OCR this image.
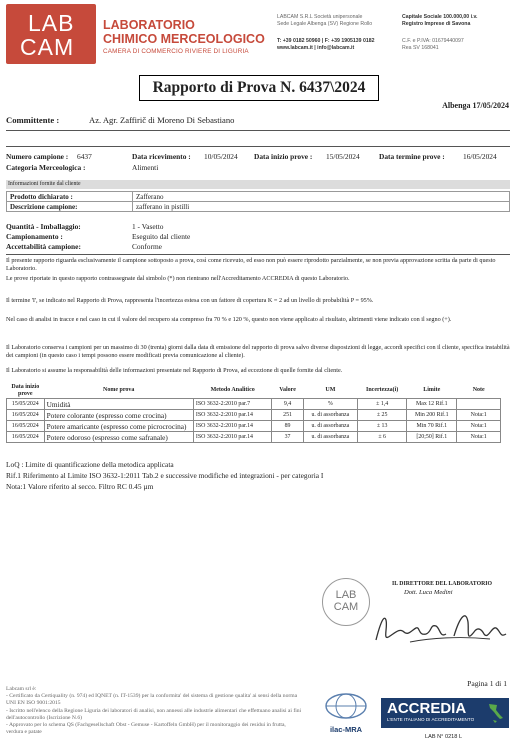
LAB
CAM
LABORATORIO
CHIMICO MERCEOLOGICO
CAMERA DI COMMERCIO RIVIERE DI LIGURIA
LABCAM S.R.L Società unipersonale
Sede Legale Albenga (SV) Regione Rollo
T: +39 0182 50960 | F: +39 1905139 0182
www.labcam.it | info@labcam.it
Capitale Sociale 100.000,00 i.v.
Registro Imprese di Savona
C.F. e P.IVA: 01679440097
Rea SV 168041
Rapporto di Prova N. 6437\2024
Albenga 17/05/2024
Committente :	Az. Agr. Zaffirič di Moreno Di Sebastiano
Numero campione : 6437	Data ricevimento : 10/05/2024 Data inizio prove : 15/05/2024	Data termine prove : 16/05/2024
Categoria Merceologica :	Alimenti
Informazioni fornite dal cliente
Prodotto dichiarato :	Zafferano
Descrizione campione:	zafferano in pistilli
Quantità - Imballaggio:	1 - Vasetto
Campionamento :	Eseguito dal cliente
Accettabilità campione:	Conforme
Il presente rapporto riguarda esclusivamente il campione sottoposto a prova, così come ricevuto, ed esso non può essere riprodotto parzialmente, se non previa approvazione scritta da parte di questo Laboratorio.
Le prove riportate in questo rapporto contrassegnate dal simbolo (*) non rientrano nell'Accreditamento ACCREDIA di questo Laboratorio.
Il termine 'I', se indicato nel Rapporto di Prova, rappresenta l'incertezza estesa con un fattore di copertura K = 2 ad un livello di probabilità P = 95%.
Nel caso di analisi in tracce e nel caso in cui il valore del recupero sia compreso fra 70 % e 120 %, questo non viene applicato al risultato, altrimenti viene indicato con il segno (+).
Il Laboratorio conserva i campioni per un massimo di 30 (trenta) giorni dalla data di emissione del rapporto di prova salvo diverse disposizioni di legge, accordi specifici con il cliente, specifica instabilità dei campioni (in questo caso i tempi possono essere modificati previa comunicazione al cliente).
Il Laboratorio si assume la responsabilità delle informazioni presentate nel Rapporto di Prova, ad eccezione di quelle fornite dal cliente.
Data inizio prove	Nome prova	Metodo Analitico	Valore	UM	Incertezza(i)	Limite	Note
15/05/2024	Umidità	ISO 3632-2:2010 par.7	9,4	%	± 1,4	Max 12 Rif.1	
16/05/2024	Potere colorante (espresso come crocina)	ISO 3632-2:2010 par.14	251	u. di assorbanza	± 25	Min 200 Rif.1	Nota:1
16/05/2024	Potere amaricante (espresso come picrocrocina)	ISO 3632-2:2010 par.14	89	u. di assorbanza	± 13	Min 70 Rif.1	Nota:1
16/05/2024	Potere odoroso (espresso come safranale)	ISO 3632-2:2010 par.14	37	u. di assorbanza	± 6	[20;50] Rif.1	Nota:1
LoQ : Limite di quantificazione della metodica applicata
Rif.1 Riferimento al Limite ISO 3632-1:2011 Tab.2 e successive modifiche ed integrazioni - per categoria I
Nota:1 Valore riferito al secco. Filtro RC 0.45 µm
IL DIRETTORE DEL LABORATORIO
Dott. Luca Medini
LAB
CAM
Pagina 1 di 1
Labcam srl è:
- Certificato da Certiquality (n. 974) ed IQNET (n. IT-1539) per la conformita' del sistema di gestione qualita' ai sensi della norma UNI EN ISO 9001:2015
- Iscritto nell'elenco della Regione Liguria dei laboratori di analisi, non annessi alle industrie alimentari che effettuano analisi ai fini dell'autocontrollo (Iscrizione N.6)
- Approvato per lo schema QS (Fachgesellschaft Obst - Gemuse - Kartoffeln GmbH) per il monitoraggio dei residui in frutta, verdura e patate	ilac-MRA
ACCREDIA
L'ENTE ITALIANO DI ACCREDITAMENTO
LAB N° 0218 L
